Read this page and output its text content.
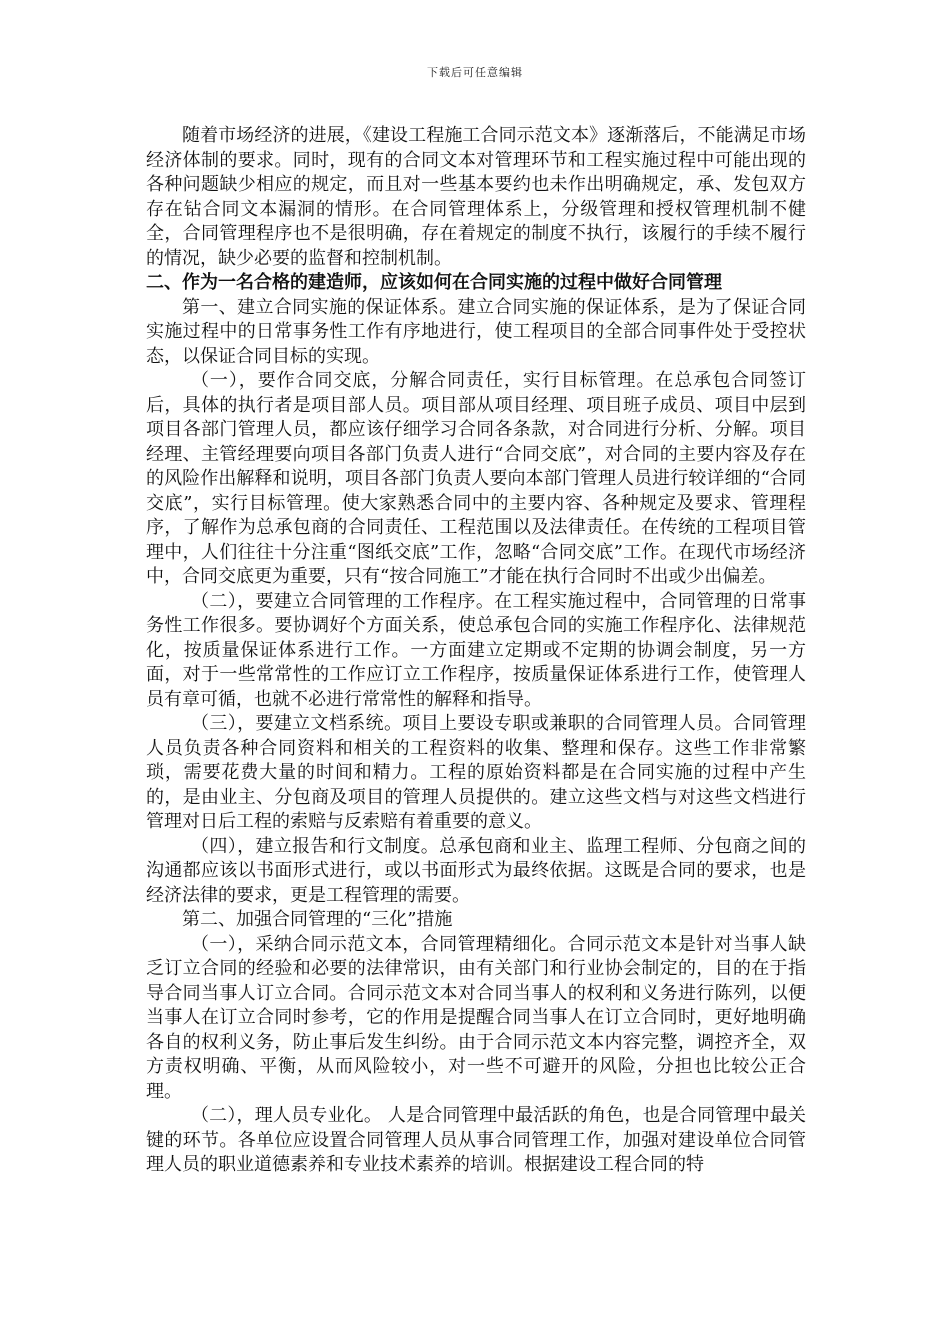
下载后可任意编辑

随着市场经济的进展，《建设工程施工合同示范文本》逐渐落后，不能满足市场经济体制的要求。同时，现有的合同文本对管理环节和工程实施过程中可能出现的各种问题缺少相应的规定，而且对一些基本要约也未作出明确规定，承、发包双方存在钻合同文本漏洞的情形。在合同管理体系上，分级管理和授权管理机制不健全，合同管理程序也不是很明确，存在着规定的制度不执行，该履行的手续不履行的情况，缺少必要的监督和控制机制。

二、作为一名合格的建造师，应该如何在合同实施的过程中做好合同管理

第一、建立合同实施的保证体系。建立合同实施的保证体系，是为了保证合同实施过程中的日常事务性工作有序地进行，使工程项目的全部合同事件处于受控状态，以保证合同目标的实现。

（一），要作合同交底，分解合同责任，实行目标管理。在总承包合同签订后，具体的执行者是项目部人员。项目部从项目经理、项目班子成员、项目中层到项目各部门管理人员，都应该仔细学习合同各条款，对合同进行分析、分解。项目经理、主管经理要向项目各部门负责人进行“合同交底”，对合同的主要内容及存在的风险作出解释和说明，项目各部门负责人要向本部门管理人员进行较详细的“合同交底”，实行目标管理。使大家熟悉合同中的主要内容、各种规定及要求、管理程序，了解作为总承包商的合同责任、工程范围以及法律责任。在传统的工程项目管理中，人们往往十分注重“图纸交底”工作，忽略“合同交底”工作。在现代市场经济中，合同交底更为重要，只有“按合同施工”才能在执行合同时不出或少出偏差。

（二），要建立合同管理的工作程序。在工程实施过程中，合同管理的日常事务性工作很多。要协调好个方面关系，使总承包合同的实施工作程序化、法律规范化，按质量保证体系进行工作。一方面建立定期或不定期的协调会制度，另一方面，对于一些常常性的工作应订立工作程序，按质量保证体系进行工作，使管理人员有章可循，也就不必进行常常性的解释和指导。

（三），要建立文档系统。项目上要设专职或兼职的合同管理人员。合同管理人员负责各种合同资料和相关的工程资料的收集、整理和保存。这些工作非常繁琐，需要花费大量的时间和精力。工程的原始资料都是在合同实施的过程中产生的，是由业主、分包商及项目的管理人员提供的。建立这些文档与对这些文档进行管理对日后工程的索赔与反索赔有着重要的意义。

（四），建立报告和行文制度。总承包商和业主、监理工程师、分包商之间的沟通都应该以书面形式进行，或以书面形式为最终依据。这既是合同的要求，也是经济法律的要求，更是工程管理的需要。

第二、加强合同管理的“三化”措施

（一），采纳合同示范文本，合同管理精细化。合同示范文本是针对当事人缺乏订立合同的经验和必要的法律常识，由有关部门和行业协会制定的，目的在于指导合同当事人订立合同。合同示范文本对合同当事人的权利和义务进行陈列，以便当事人在订立合同时参考，它的作用是提醒合同当事人在订立合同时，更好地明确各自的权利义务，防止事后发生纠纷。由于合同示范文本内容完整，调控齐全，双方责权明确、平衡，从而风险较小，对一些不可避开的风险，分担也比较公正合理。

（二），理人员专业化。 人是合同管理中最活跃的角色，也是合同管理中最关键的环节。各单位应设置合同管理人员从事合同管理工作，加强对建设单位合同管理人员的职业道德素养和专业技术素养的培训。根据建设工程合同的特
